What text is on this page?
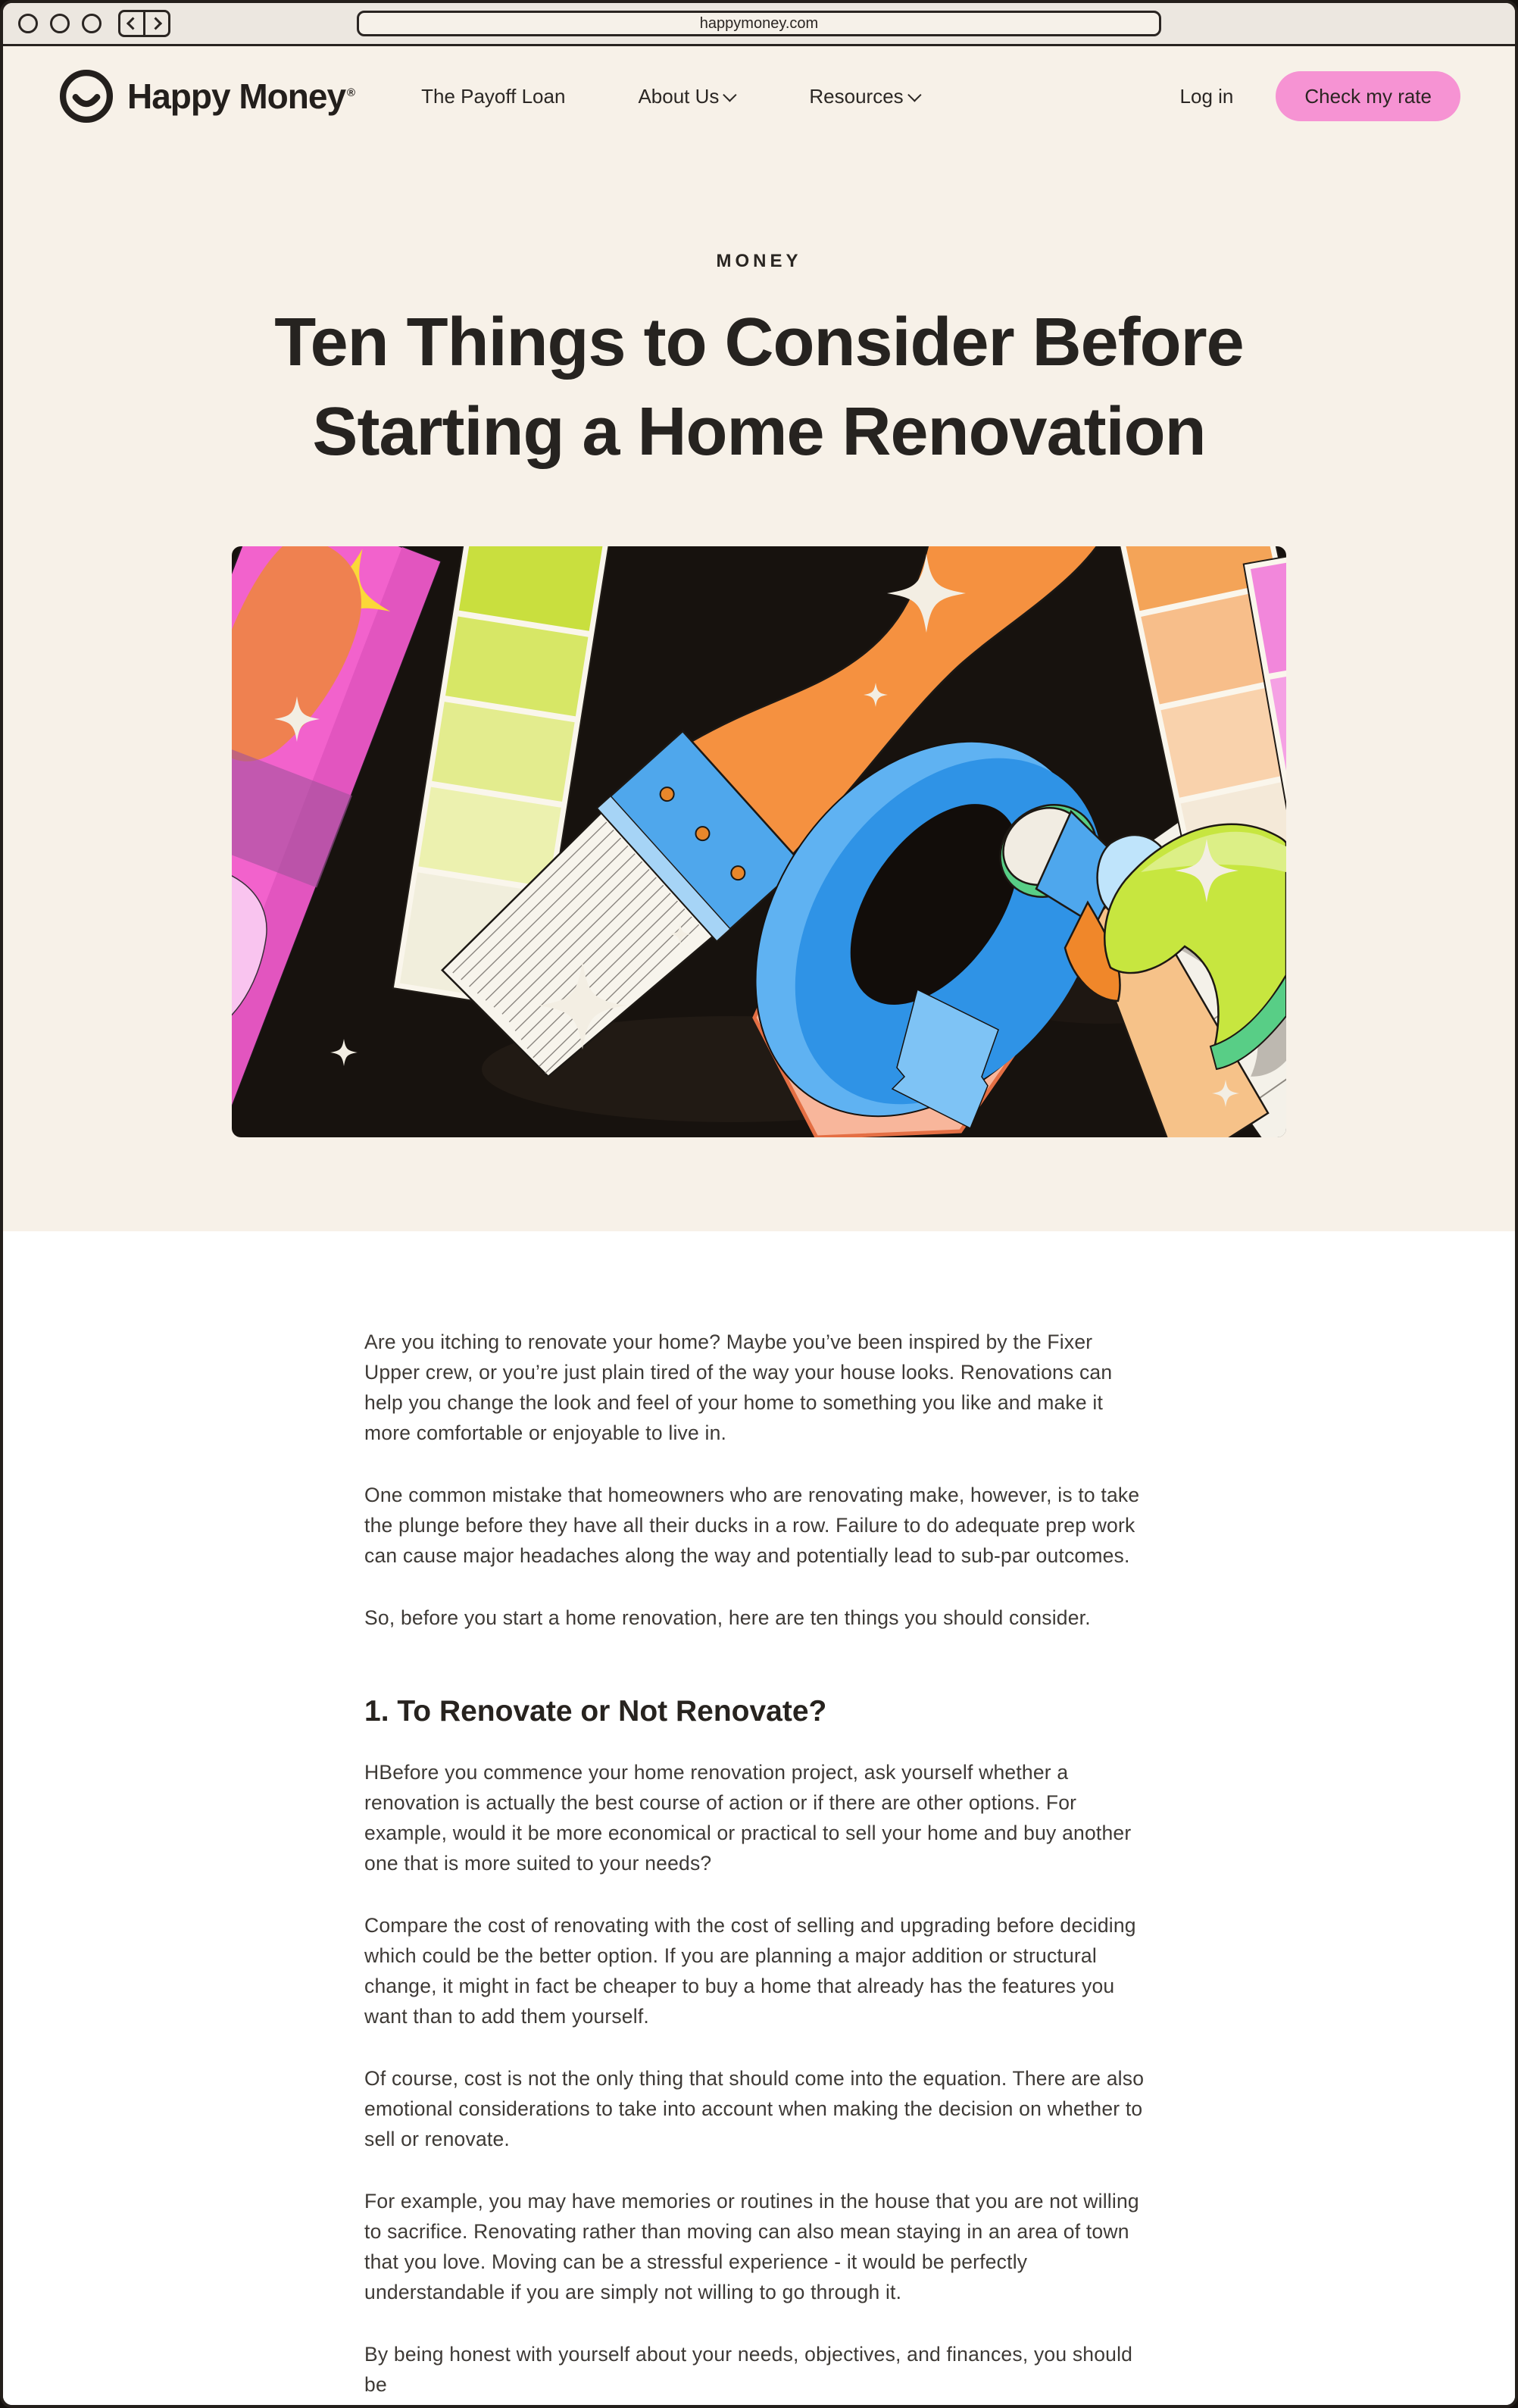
happymoney.com
Happy Money ®	The Payoff Loan	About Us	Resources	Log in	Check my rate
MONEY
Ten Things to Consider Before Starting a Home Renovation

Are you itching to renovate your home? Maybe you’ve been inspired by the Fixer Upper crew, or you’re just plain tired of the way your house looks. Renovations can help you change the look and feel of your home to something you like and make it more comfortable or enjoyable to live in.

One common mistake that homeowners who are renovating make, however, is to take the plunge before they have all their ducks in a row. Failure to do adequate prep work can cause major headaches along the way and potentially lead to sub-par outcomes.

So, before you start a home renovation, here are ten things you should consider.

1. To Renovate or Not Renovate?

HBefore you commence your home renovation project, ask yourself whether a renovation is actually the best course of action or if there are other options. For example, would it be more economical or practical to sell your home and buy another one that is more suited to your needs?

Compare the cost of renovating with the cost of selling and upgrading before deciding which could be the better option. If you are planning a major addition or structural change, it might in fact be cheaper to buy a home that already has the features you want than to add them yourself.

Of course, cost is not the only thing that should come into the equation. There are also emotional considerations to take into account when making the decision on whether to sell or renovate.

For example, you may have memories or routines in the house that you are not willing to sacrifice. Renovating rather than moving can also mean staying in an area of town that you love. Moving can be a stressful experience - it would be perfectly understandable if you are simply not willing to go through it.

By being honest with yourself about your needs, objectives, and finances, you should be
